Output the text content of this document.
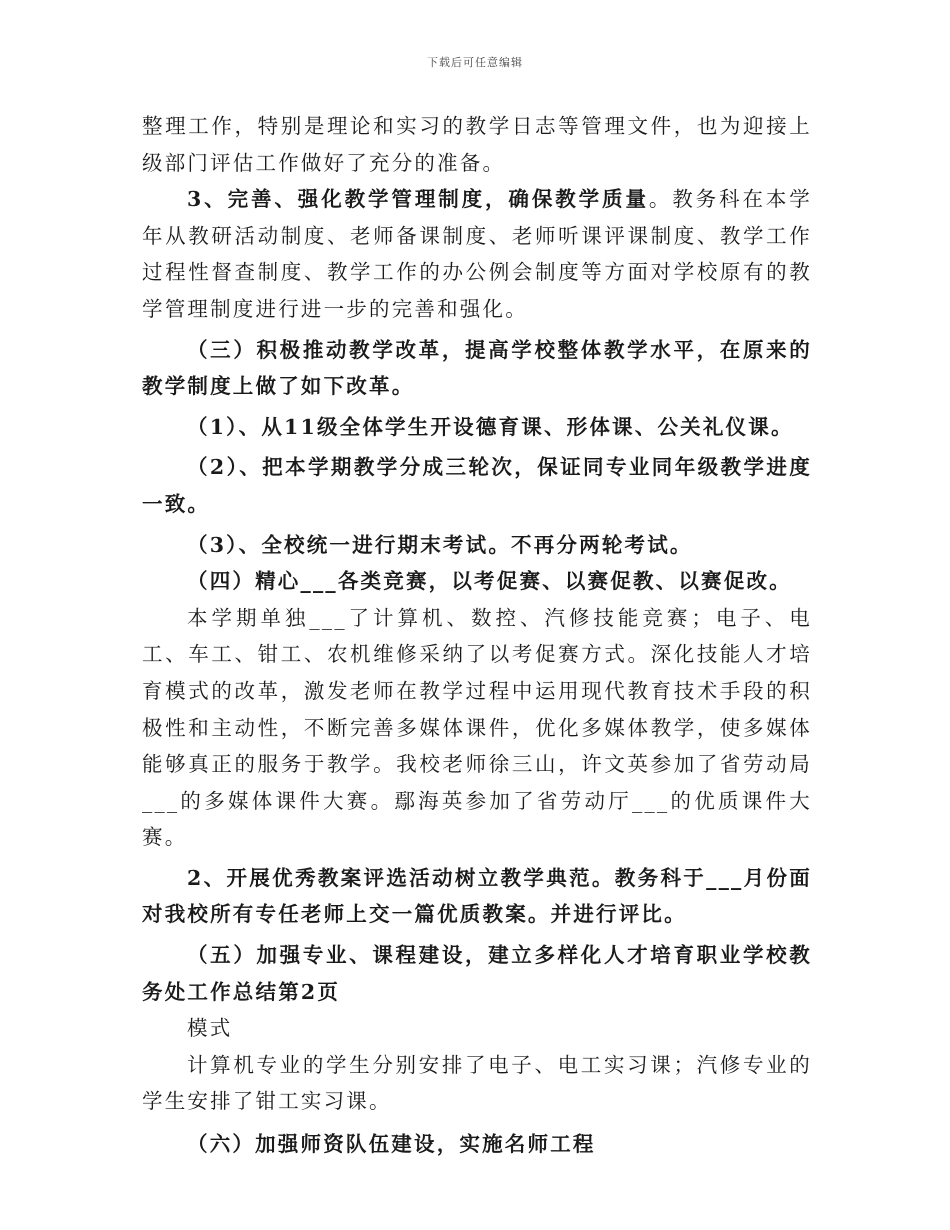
下载后可任意编辑

整理工作，特别是理论和实习的教学日志等管理文件，也为迎接上级部门评估工作做好了充分的准备。

3、完善、强化教学管理制度，确保教学质量。教务科在本学年从教研活动制度、老师备课制度、老师听课评课制度、教学工作过程性督查制度、教学工作的办公例会制度等方面对学校原有的教学管理制度进行进一步的完善和强化。

（三）积极推动教学改革，提高学校整体教学水平，在原来的教学制度上做了如下改革。

（1）、从11级全体学生开设德育课、形体课、公关礼仪课。

（2）、把本学期教学分成三轮次，保证同专业同年级教学进度一致。

（3）、全校统一进行期末考试。不再分两轮考试。

（四）精心___各类竞赛，以考促赛、以赛促教、以赛促改。

本学期单独___了计算机、数控、汽修技能竞赛；电子、电工、车工、钳工、农机维修采纳了以考促赛方式。深化技能人才培育模式的改革，激发老师在教学过程中运用现代教育技术手段的积极性和主动性，不断完善多媒体课件，优化多媒体教学，使多媒体能够真正的服务于教学。我校老师徐三山，许文英参加了省劳动局___的多媒体课件大赛。鄢海英参加了省劳动厅___的优质课件大赛。

2、开展优秀教案评选活动树立教学典范。教务科于___月份面对我校所有专任老师上交一篇优质教案。并进行评比。

（五）加强专业、课程建设，建立多样化人才培育职业学校教务处工作总结第2页

模式

计算机专业的学生分别安排了电子、电工实习课；汽修专业的学生安排了钳工实习课。

（六）加强师资队伍建设，实施名师工程
